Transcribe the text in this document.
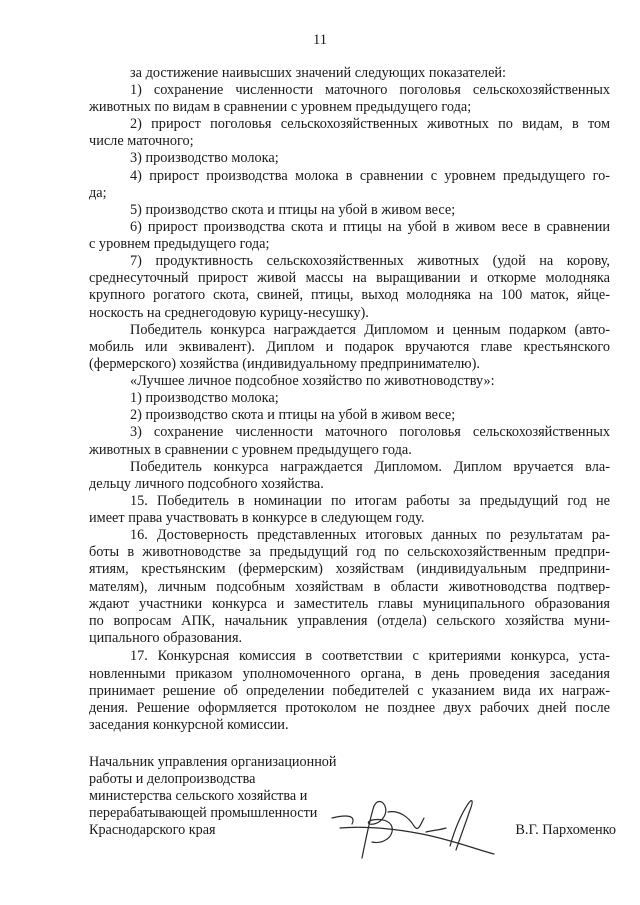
11
за достижение наивысших значений следующих показателей:
1) сохранение численности маточного поголовья сельскохозяйственных
животных по видам в сравнении с уровнем предыдущего года;
2) прирост поголовья сельскохозяйственных животных по видам, в том
числе маточного;
3) производство молока;
4) прирост производства молока в сравнении с уровнем предыдущего го-
да;
5) производство скота и птицы на убой в живом весе;
6) прирост производства скота и птицы на убой в живом весе в сравнении
с уровнем предыдущего года;
7) продуктивность сельскохозяйственных животных (удой на корову,
среднесуточный прирост живой массы на выращивании и откорме молодняка
крупного рогатого скота, свиней, птицы, выход молодняка на 100 маток, яйце-
носкость на среднегодовую курицу-несушку).
Победитель конкурса награждается Дипломом и ценным подарком (авто-
мобиль или эквивалент). Диплом и подарок вручаются главе крестьянского
(фермерского) хозяйства (индивидуальному предпринимателю).
«Лучшее личное подсобное хозяйство по животноводству»:
1) производство молока;
2) производство скота и птицы на убой в живом весе;
3) сохранение численности маточного поголовья сельскохозяйственных
животных в сравнении с уровнем предыдущего года.
Победитель конкурса награждается Дипломом. Диплом вручается вла-
дельцу личного подсобного хозяйства.
15. Победитель в номинации по итогам работы за предыдущий год не
имеет права участвовать в конкурсе в следующем году.
16. Достоверность представленных итоговых данных по результатам ра-
боты в животноводстве за предыдущий год по сельскохозяйственным предпри-
ятиям, крестьянским (фермерским) хозяйствам (индивидуальным предприни-
мателям), личным подсобным хозяйствам в области животноводства подтвер-
ждают участники конкурса и заместитель главы муниципального образования
по вопросам АПК, начальник управления (отдела) сельского хозяйства муни-
ципального образования.
17. Конкурсная комиссия в соответствии с критериями конкурса, уста-
новленными приказом уполномоченного органа, в день проведения заседания
принимает решение об определении победителей с указанием вида их награж-
дения. Решение оформляется протоколом не позднее двух рабочих дней после
заседания конкурсной комиссии.
Начальник управления организационной
работы и делопроизводства
министерства сельского хозяйства и
перерабатывающей промышленности
Краснодарского края	В.Г. Пархоменко
